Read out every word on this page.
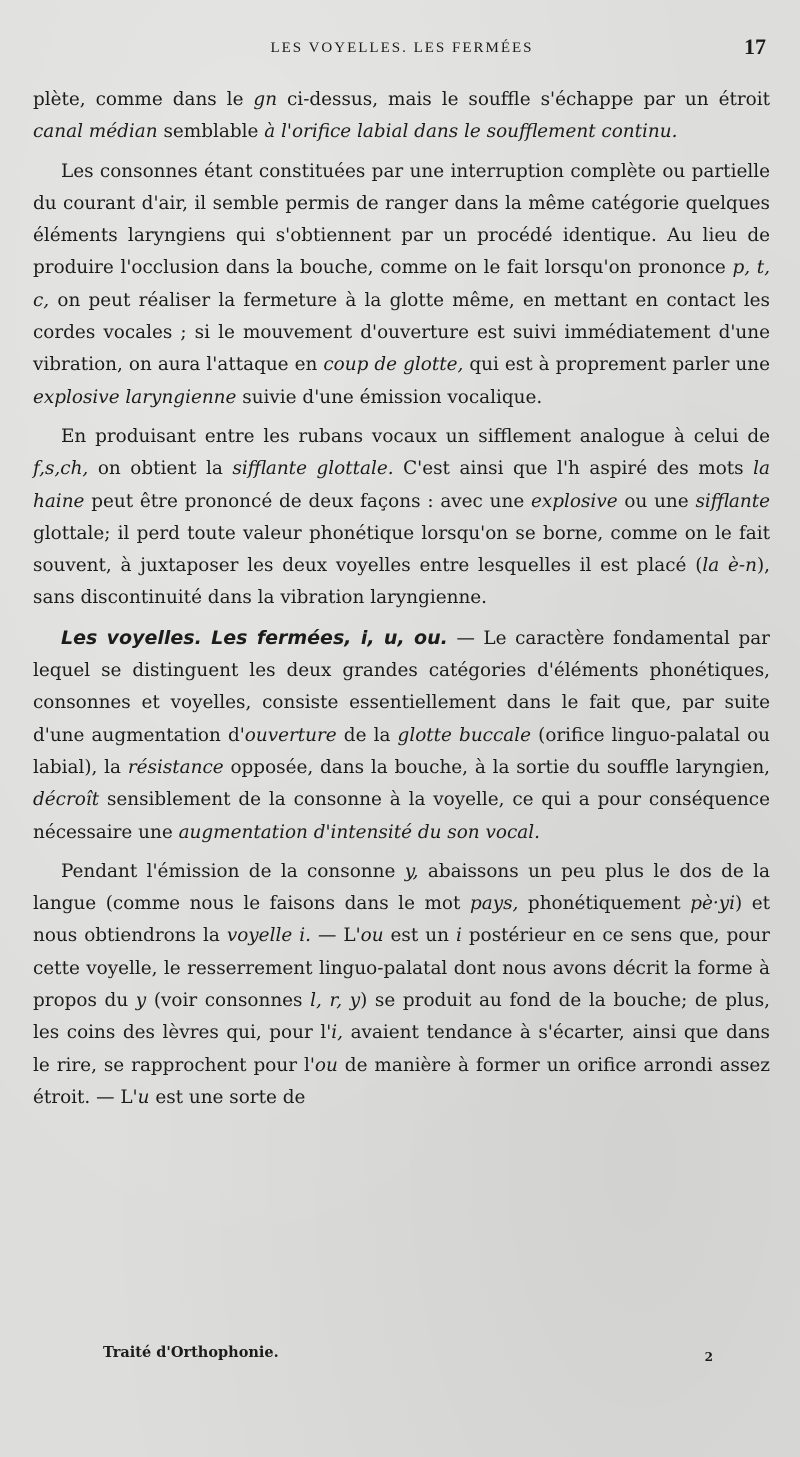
LES VOYELLES. LES FERMÉES	17

plète, comme dans le gn ci-dessus, mais le souffle s'échappe par un étroit canal médian semblable à l'orifice labial dans le soufflement continu.

Les consonnes étant constituées par une interruption complète ou partielle du courant d'air, il semble permis de ranger dans la même catégorie quelques éléments laryngiens qui s'obtiennent par un procédé identique. Au lieu de produire l'occlusion dans la bouche, comme on le fait lorsqu'on prononce p, t, c, on peut réaliser la fermeture à la glotte même, en mettant en contact les cordes vocales ; si le mouvement d'ouverture est suivi immédiatement d'une vibration, on aura l'attaque en coup de glotte, qui est à proprement parler une explosive laryngienne suivie d'une émission vocalique.

En produisant entre les rubans vocaux un sifflement analogue à celui de f,s,ch, on obtient la sifflante glottale. C'est ainsi que l'h aspiré des mots la haine peut être prononcé de deux façons : avec une explosive ou une sifflante glottale; il perd toute valeur phonétique lorsqu'on se borne, comme on le fait souvent, à juxtaposer les deux voyelles entre lesquelles il est placé (la è-n), sans discontinuité dans la vibration laryngienne.

Les voyelles. Les fermées, i, u, ou. — Le caractère fondamental par lequel se distinguent les deux grandes catégories d'éléments phonétiques, consonnes et voyelles, consiste essentiellement dans le fait que, par suite d'une augmentation d'ouverture de la glotte buccale (orifice linguo-palatal ou labial), la résistance opposée, dans la bouche, à la sortie du souffle laryngien, décroît sensiblement de la consonne à la voyelle, ce qui a pour conséquence nécessaire une augmentation d'intensité du son vocal.

Pendant l'émission de la consonne y, abaissons un peu plus le dos de la langue (comme nous le faisons dans le mot pays, phonétiquement pè·yi) et nous obtiendrons la voyelle i. — L'ou est un i postérieur en ce sens que, pour cette voyelle, le resserrement linguo-palatal dont nous avons décrit la forme à propos du y (voir consonnes l, r, y) se produit au fond de la bouche; de plus, les coins des lèvres qui, pour l'i, avaient tendance à s'écarter, ainsi que dans le rire, se rapprochent pour l'ou de manière à former un orifice arrondi assez étroit. — L'u est une sorte de

Traité d'Orthophonie.	2
